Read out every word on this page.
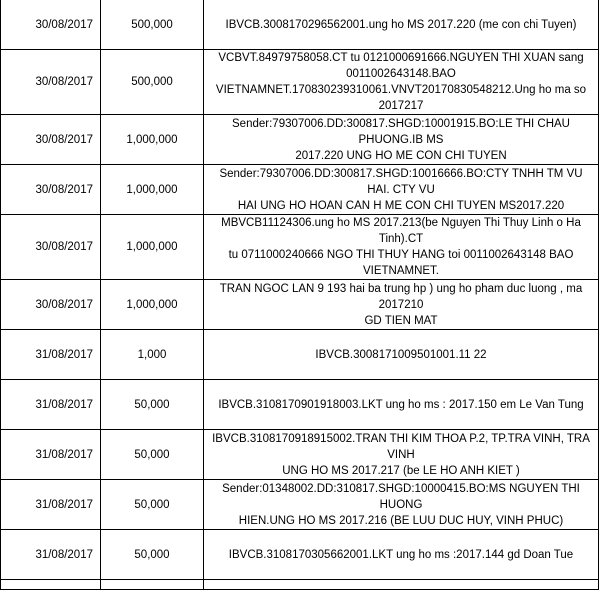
30/08/2017	500,000	IBVCB.3008170296562001.ung ho MS 2017.220 (me con chi Tuyen)

30/08/2017	500,000	VCBVT.84979758058.CT tu 0121000691666.NGUYEN THI XUAN sang
0011002643148.BAO
VIETNAMNET.170830239310061.VNVT20170830548212.Ung ho ma so 2017217

30/08/2017	1,000,000	Sender:79307006.DD:300817.SHGD:10001915.BO:LE THI CHAU PHUONG.IB MS
2017.220 UNG HO ME CON CHI TUYEN

30/08/2017	1,000,000	Sender:79307006.DD:300817.SHGD:10016666.BO:CTY TNHH TM VU HAI. CTY VU
HAI UNG HO HOAN CAN H ME CON CHI TUYEN MS2017.220

30/08/2017	1,000,000	MBVCB11124306.ung ho MS 2017.213(be Nguyen Thi Thuy Linh o Ha Tinh).CT
tu 0711000240666 NGO THI THUY HANG toi 0011002643148 BAO VIETNAMNET.

30/08/2017	1,000,000	TRAN NGOC LAN 9 193 hai ba trung hp ) ung ho pham duc luong , ma 2017210
GD TIEN MAT

31/08/2017	1,000	IBVCB.3008171009501001.11 22

31/08/2017	50,000	IBVCB.3108170901918003.LKT ung ho ms : 2017.150 em Le Van Tung

31/08/2017	50,000	IBVCB.3108170918915002.TRAN THI KIM THOA P.2, TP.TRA VINH, TRA VINH
UNG HO MS 2017.217 (be LE HO ANH KIET )

31/08/2017	50,000	Sender:01348002.DD:310817.SHGD:10000415.BO:MS NGUYEN THI HUONG
HIEN.UNG HO MS 2017.216 (BE LUU DUC HUY, VINH PHUC)

31/08/2017	50,000	IBVCB.3108170305662001.LKT ung ho ms :2017.144 gd Doan Tue
